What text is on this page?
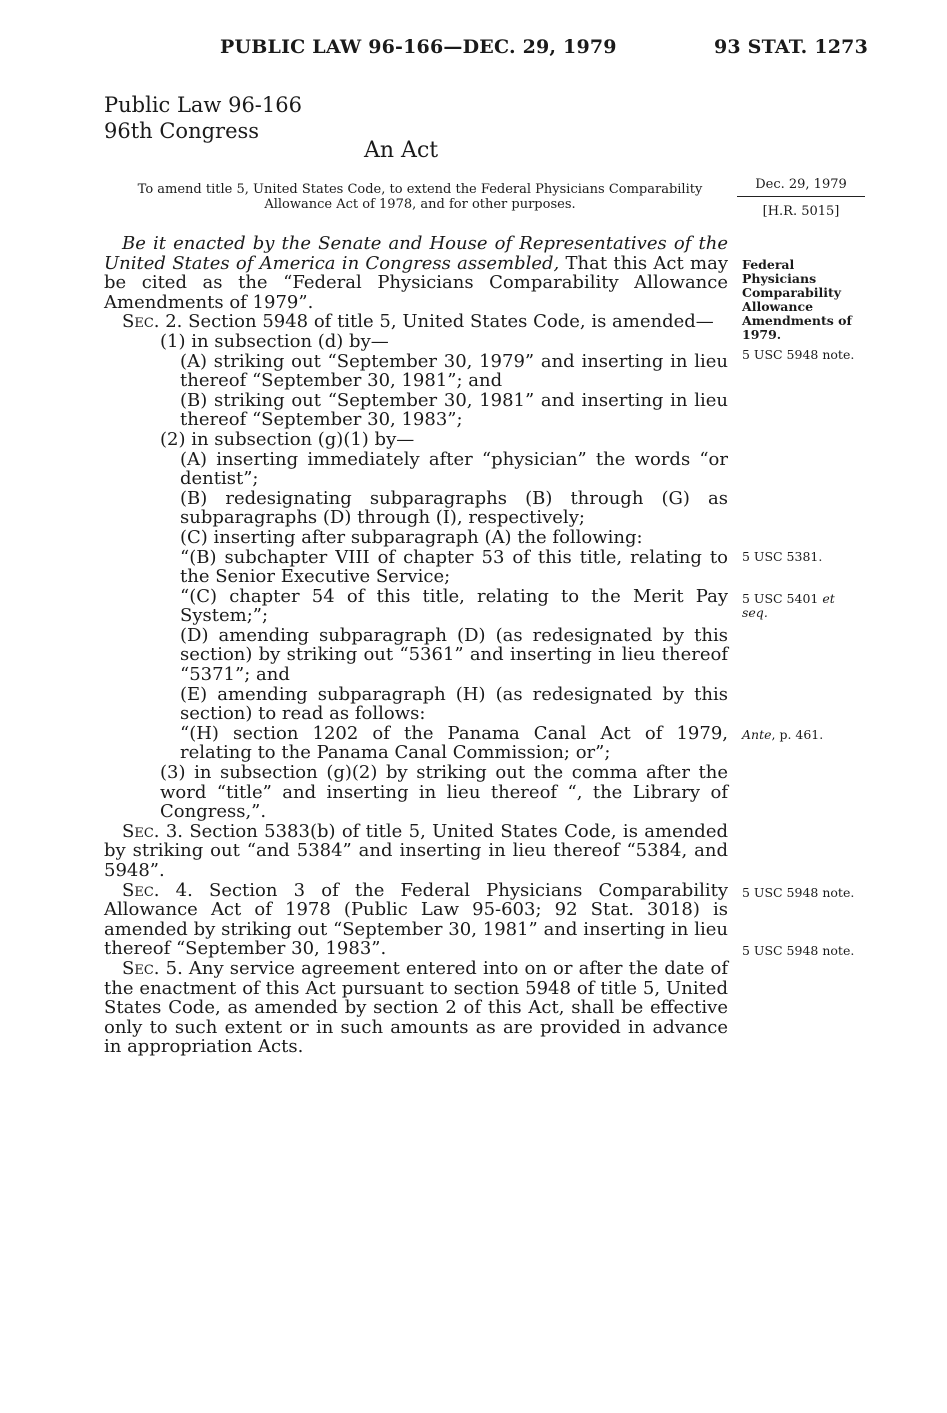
PUBLIC LAW 96-166—DEC. 29, 1979	93 STAT. 1273
Public Law 96-166
96th Congress
An Act
To amend title 5, United States Code, to extend the Federal Physicians Comparability Allowance Act of 1978, and for other purposes.
Dec. 29, 1979
[H.R. 5015]

Be it enacted by the Senate and House of Representatives of the United States of America in Congress assembled, That this Act may be cited as the “Federal Physicians Comparability Allowance Amendments of 1979”.

Sec. 2. Section 5948 of title 5, United States Code, is amended—

(1) in subsection (d) by—

(A) striking out “September 30, 1979” and inserting in lieu thereof “September 30, 1981”; and

(B) striking out “September 30, 1981” and inserting in lieu thereof “September 30, 1983”;

(2) in subsection (g)(1) by—

(A) inserting immediately after “physician” the words “or dentist”;

(B) redesignating subparagraphs (B) through (G) as subparagraphs (D) through (I), respectively;

(C) inserting after subparagraph (A) the following:

“(B) subchapter VIII of chapter 53 of this title, relating to the Senior Executive Service;

“(C) chapter 54 of this title, relating to the Merit Pay System;”;

(D) amending subparagraph (D) (as redesignated by this section) by striking out “5361” and inserting in lieu thereof “5371”; and

(E) amending subparagraph (H) (as redesignated by this section) to read as follows:

“(H) section 1202 of the Panama Canal Act of 1979, relating to the Panama Canal Commission; or”;

(3) in subsection (g)(2) by striking out the comma after the word “title” and inserting in lieu thereof “, the Library of Congress,”.

Sec. 3. Section 5383(b) of title 5, United States Code, is amended by striking out “and 5384” and inserting in lieu thereof “5384, and 5948”.

Sec. 4. Section 3 of the Federal Physicians Comparability Allowance Act of 1978 (Public Law 95-603; 92 Stat. 3018) is amended by striking out “September 30, 1981” and inserting in lieu thereof “September 30, 1983”.

Sec. 5. Any service agreement entered into on or after the date of the enactment of this Act pursuant to section 5948 of title 5, United States Code, as amended by section 2 of this Act, shall be effective only to such extent or in such amounts as are provided in advance in appropriation Acts.

Federal Physicians Comparability Allowance Amendments of 1979.
5 USC 5948 note.
5 USC 5381.
5 USC 5401 et seq.
Ante, p. 461.
5 USC 5948 note.
5 USC 5948 note.
